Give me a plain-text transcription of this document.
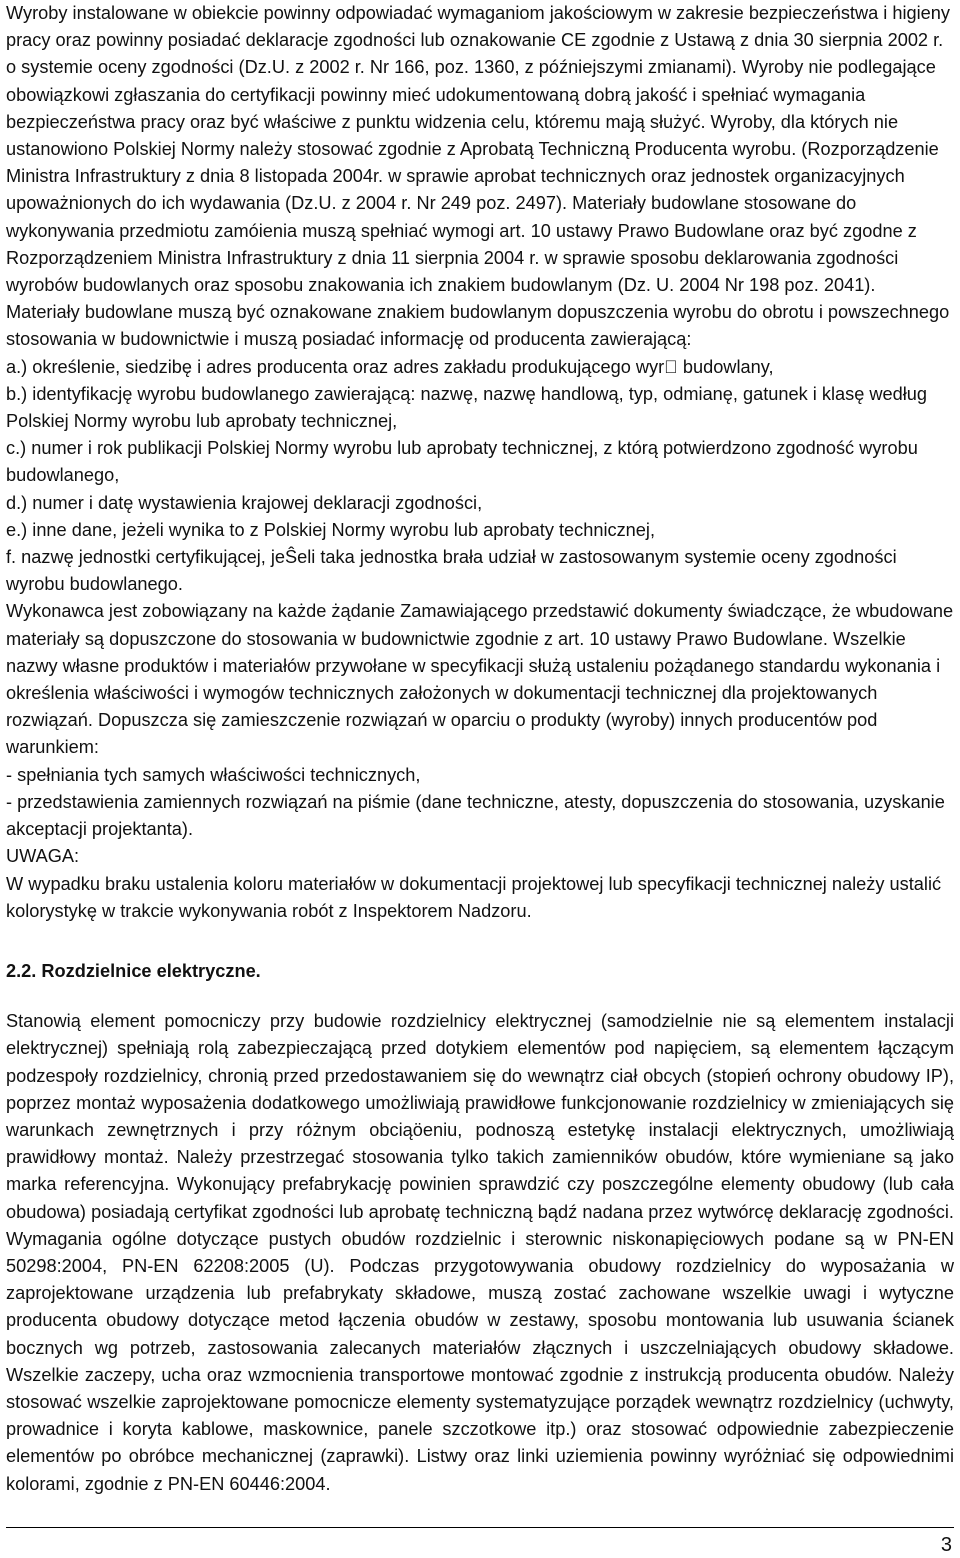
Wyroby instalowane w obiekcie powinny odpowiadać wymaganiom jakościowym w zakresie bezpieczeństwa i higieny pracy oraz powinny posiadać deklaracje zgodności lub oznakowanie CE zgodnie z Ustawą z dnia 30 sierpnia 2002 r. o systemie oceny zgodności (Dz.U. z 2002 r. Nr 166, poz. 1360, z późniejszymi zmianami). Wyroby nie podlegające obowiązkowi zgłaszania do certyfikacji powinny mieć udokumentowaną dobrą jakość i spełniać wymagania bezpieczeństwa pracy oraz być właściwe z punktu widzenia celu, któremu mają służyć. Wyroby, dla których nie ustanowiono Polskiej Normy należy stosować zgodnie z Aprobatą Techniczną Producenta wyrobu. (Rozporządzenie Ministra Infrastruktury z dnia 8 listopada 2004r. w sprawie aprobat technicznych oraz jednostek organizacyjnych upoważnionych do ich wydawania (Dz.U. z 2004 r. Nr 249 poz. 2497). Materiały budowlane stosowane do wykonywania przedmiotu zamóienia muszą spełniać wymogi art. 10 ustawy Prawo Budowlane oraz być zgodne z Rozporządzeniem Ministra Infrastruktury z dnia 11 sierpnia 2004 r. w sprawie sposobu deklarowania zgodności wyrobów budowlanych oraz sposobu znakowania ich znakiem budowlanym (Dz. U. 2004 Nr 198 poz. 2041). Materiały budowlane muszą być oznakowane znakiem budowlanym dopuszczenia wyrobu do obrotu i powszechnego stosowania w budownictwie i muszą posiadać informację od producenta zawierającą:

a.) określenie, siedzibę i adres producenta oraz adres zakładu produkującego wyr  budowlany,

b.) identyfikację wyrobu budowlanego zawierającą: nazwę, nazwę handlową, typ, odmianę, gatunek i klasę według Polskiej Normy wyrobu lub aprobaty technicznej,

c.) numer i rok publikacji Polskiej Normy wyrobu lub aprobaty technicznej, z którą potwierdzono zgodność wyrobu budowlanego,

d.) numer i datę wystawienia krajowej deklaracji zgodności,

e.) inne dane, jeżeli wynika to z Polskiej Normy wyrobu lub aprobaty technicznej,

f. nazwę jednostki certyfikującej, jeŜeli taka jednostka brała udział w zastosowanym systemie oceny zgodności wyrobu budowlanego.

Wykonawca jest zobowiązany na każde żądanie Zamawiającego przedstawić dokumenty świadczące, że wbudowane materiały są dopuszczone do stosowania w budownictwie zgodnie z art. 10 ustawy Prawo Budowlane. Wszelkie nazwy własne produktów i materiałów przywołane w specyfikacji służą ustaleniu pożądanego standardu wykonania i określenia właściwości i wymogów technicznych założonych w dokumentacji technicznej dla projektowanych rozwiązań. Dopuszcza się zamieszczenie rozwiązań w oparciu o produkty (wyroby) innych producentów pod warunkiem:

- spełniania tych samych właściwości technicznych,

- przedstawienia zamiennych rozwiązań na piśmie (dane techniczne, atesty, dopuszczenia do stosowania, uzyskanie akceptacji projektanta).

UWAGA:

W wypadku braku ustalenia koloru materiałów w dokumentacji projektowej lub specyfikacji technicznej należy ustalić kolorystykę w trakcie wykonywania robót z Inspektorem Nadzoru.

2.2. Rozdzielnice elektryczne.

Stanowią element pomocniczy przy budowie rozdzielnicy elektrycznej (samodzielnie nie są elementem instalacji elektrycznej) spełniają rolą zabezpieczającą przed dotykiem elementów pod napięciem, są elementem łączącym podzespoły rozdzielnicy, chronią przed przedostawaniem się do wewnątrz ciał obcych (stopień ochrony obudowy IP), poprzez montaż wyposażenia dodatkowego umożliwiają prawidłowe funkcjonowanie rozdzielnicy w zmieniających się warunkach zewnętrznych i przy różnym obciąöeniu, podnoszą estetykę instalacji elektrycznych, umożliwiają prawidłowy montaż. Należy przestrzegać stosowania tylko takich zamienników obudów, które wymieniane są jako marka referencyjna. Wykonujący prefabrykację powinien sprawdzić czy poszczególne elementy obudowy (lub cała obudowa) posiadają certyfikat zgodności lub aprobatę techniczną bądź nadana przez wytwórcę deklarację zgodności. Wymagania ogólne dotyczące pustych obudów rozdzielnic i sterownic niskonapięciowych podane są w PN-EN 50298:2004, PN-EN 62208:2005 (U). Podczas przygotowywania obudowy rozdzielnicy do wyposażania w zaprojektowane urządzenia lub prefabrykaty składowe, muszą zostać zachowane wszelkie uwagi i wytyczne producenta obudowy dotyczące metod łączenia obudów w zestawy, sposobu montowania lub usuwania ścianek bocznych wg potrzeb, zastosowania zalecanych materiałów złącznych i uszczelniających obudowy składowe. Wszelkie zaczepy, ucha oraz wzmocnienia transportowe montować zgodnie z instrukcją producenta obudów. Należy stosować wszelkie zaprojektowane pomocnicze elementy systematyzujące porządek wewnątrz rozdzielnicy (uchwyty, prowadnice i koryta kablowe, maskownice, panele szczotkowe itp.) oraz stosować odpowiednie zabezpieczenie elementów po obróbce mechanicznej (zaprawki). Listwy oraz linki uziemienia powinny wyróżniać się odpowiednimi kolorami, zgodnie z PN-EN 60446:2004.

3
